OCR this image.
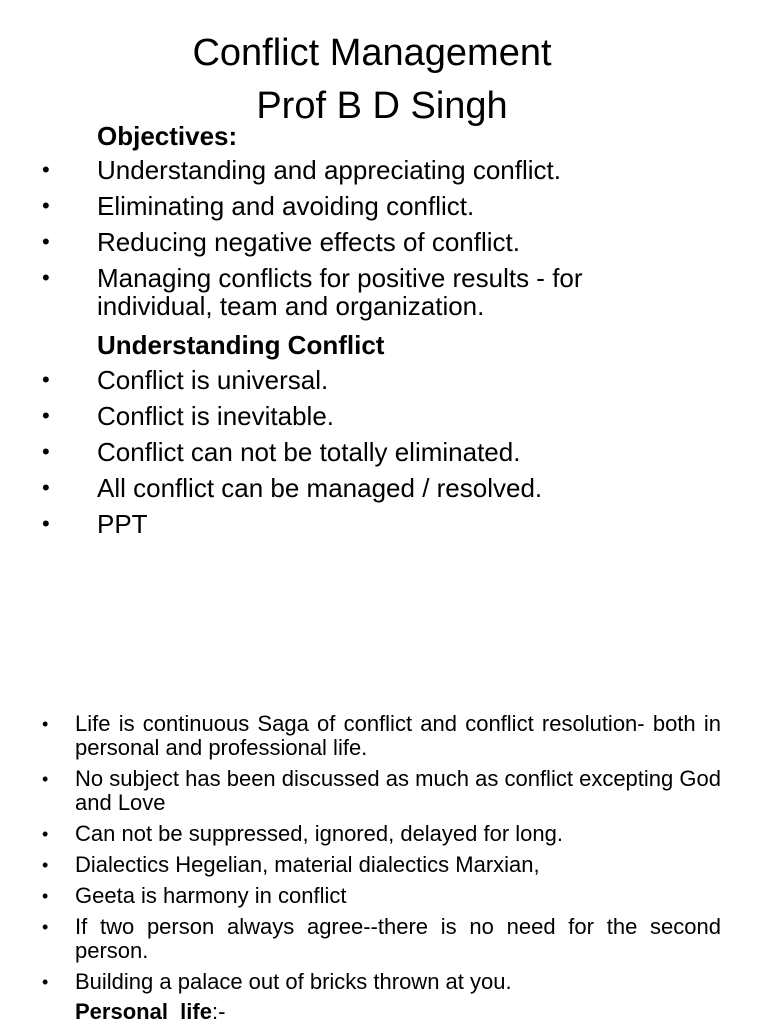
Conflict Management
Prof B D Singh
Objectives:
• Understanding and appreciating conflict.
• Eliminating and avoiding conflict.
• Reducing negative effects of conflict.
• Managing conflicts for positive results - for individual, team and organization.
Understanding Conflict
• Conflict is universal.
• Conflict is inevitable.
• Conflict can not be totally eliminated.
• All conflict can be managed / resolved.
• PPT
• Life is continuous Saga of conflict and conflict resolution- both in personal and professional life.
• No subject has been discussed as much as conflict excepting God and Love
• Can not be suppressed, ignored, delayed for long.
• Dialectics Hegelian, material dialectics Marxian,
• Geeta is harmony in conflict
• If two person always agree--there is no need for the second person.
• Building a palace out of bricks thrown at you.
Personal  life:-
